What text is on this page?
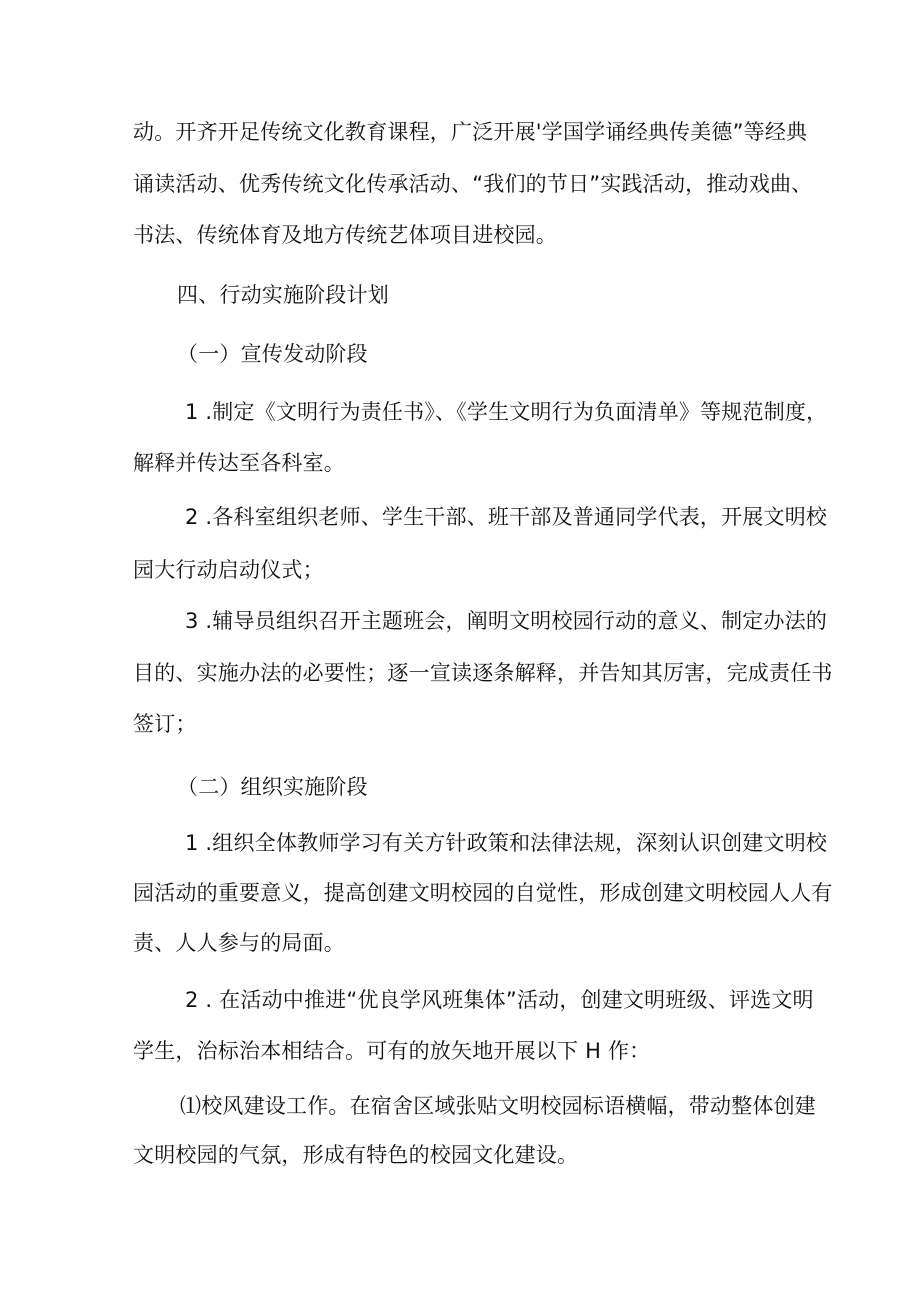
动。开齐开足传统文化教育课程，广泛开展'学国学诵经典传美德”等经典
诵读活动、优秀传统文化传承活动、“我们的节日”实践活动，推动戏曲、
书法、传统体育及地方传统艺体项目进校园。
四、行动实施阶段计划
（一）宣传发动阶段
1 .制定《文明行为责任书》、《学生文明行为负面清单》等规范制度，
解释并传达至各科室。
2 .各科室组织老师、学生干部、班干部及普通同学代表，开展文明校
园大行动启动仪式；
3 .辅导员组织召开主题班会，阐明文明校园行动的意义、制定办法的
目的、实施办法的必要性；逐一宣读逐条解释，并告知其厉害，完成责任书
签订；
（二）组织实施阶段
1 .组织全体教师学习有关方针政策和法律法规，深刻认识创建文明校
园活动的重要意义，提高创建文明校园的自觉性，形成创建文明校园人人有
责、人人参与的局面。
2 . 在活动中推进“优良学风班集体”活动，创建文明班级、评选文明
学生，治标治本相结合。可有的放矢地开展以下 H 作：
⑴校风建设工作。在宿舍区域张贴文明校园标语横幅，带动整体创建
文明校园的气氛，形成有特色的校园文化建设。
